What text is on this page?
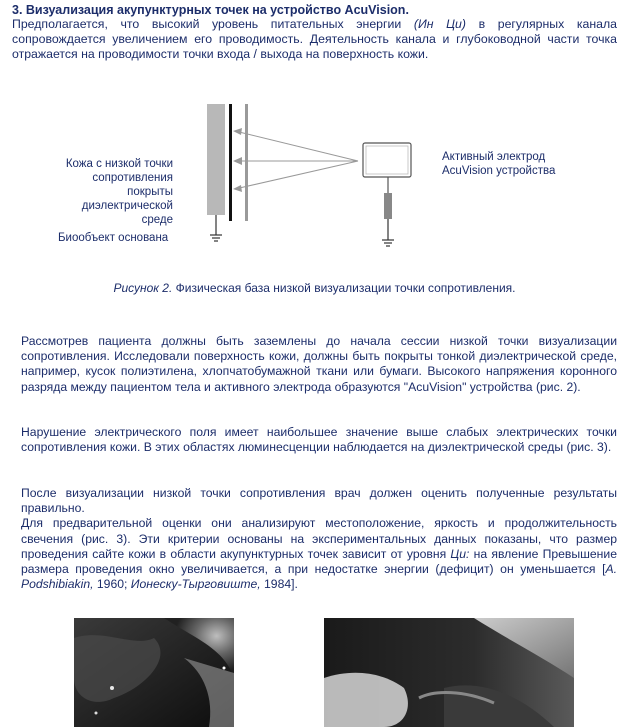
3. Визуализация акупунктурных точек на устройство AcuVision.
Предполагается, что высокий уровень питательных энергии (Ин Ци) в регулярных канала сопровождается увеличением его проводимость. Деятельность канала и глубоководной части точка отражается на проводимости точки входа / выхода на поверхность кожи.
Кожа с низкой точки
сопротивления покрыты
диэлектрической среде
Биообъект основана
Активный электрод
AcuVision устройства
Рисунок 2. Физическая база низкой визуализации точки сопротивления.
Рассмотрев пациента должны быть заземлены до начала сессии низкой точки визуализации сопротивления. Исследовали поверхность кожи, должны быть покрыты тонкой диэлектрической среде, например, кусок полиэтилена, хлопчатобумажной ткани или бумаги. Высокого напряжения коронного разряда между пациентом тела и активного электрода образуются "AcuVision" устройства (рис. 2).
Нарушение электрического поля имеет наибольшее значение выше слабых электрических точки сопротивления кожи. В этих областях люминесценции наблюдается на диэлектрической среды (рис. 3).
После визуализации низкой точки сопротивления врач должен оценить полученные результаты правильно.
Для предварительной оценки они анализируют местоположение, яркость и продолжительность свечения (рис. 3). Эти критерии основаны на экспериментальных данных показаны, что размер проведения сайте кожи в области акупунктурных точек зависит от уровня Ци: на явление Превышение размера проведения окно увеличивается, а при недостатке энергии (дефицит) он уменьшается [A. Podshibiakin, 1960; Ионеску-Тырговиште, 1984].
